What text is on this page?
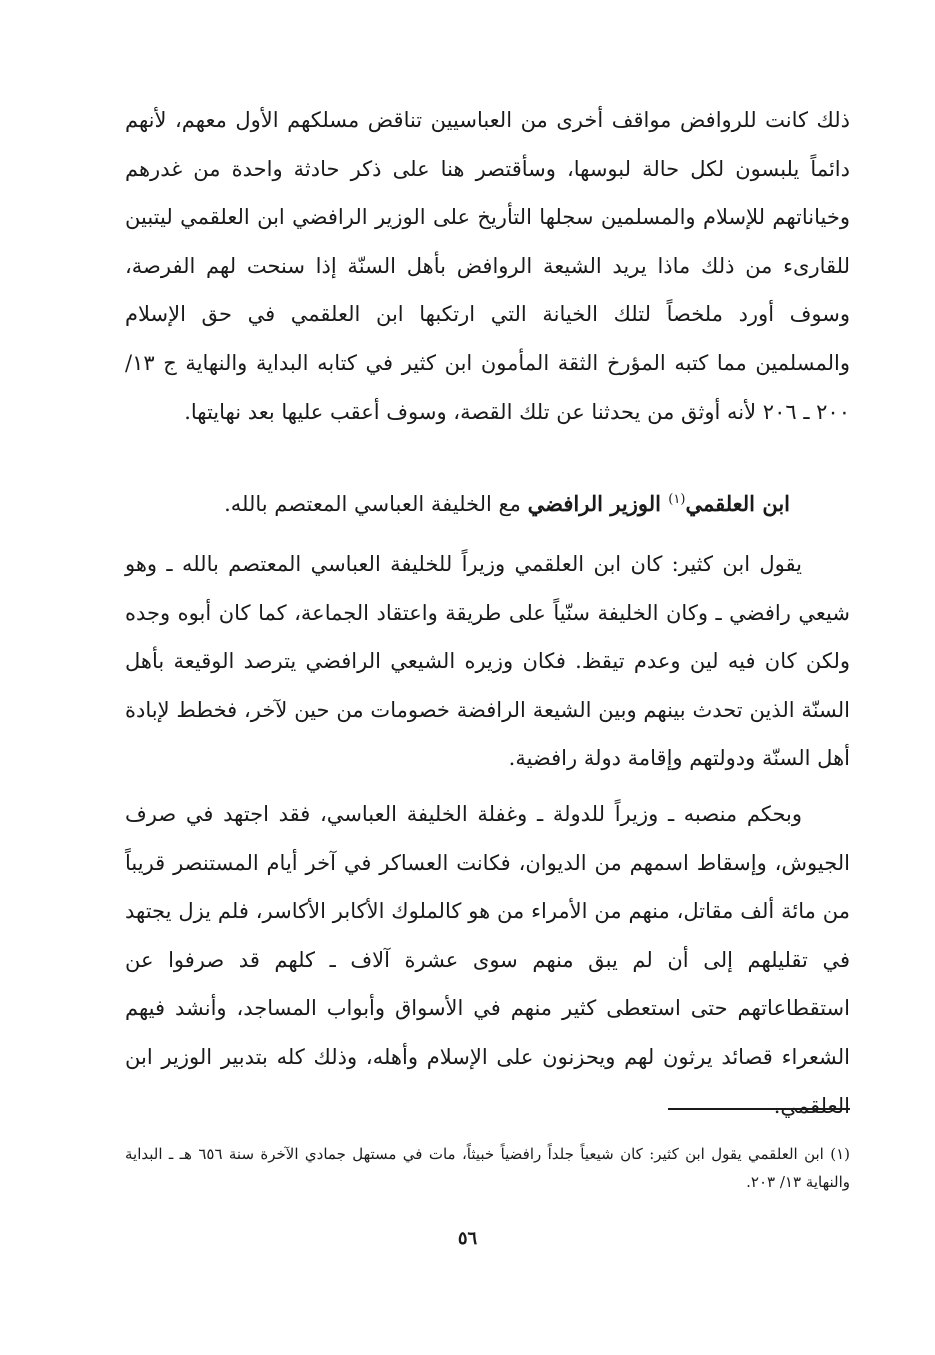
ذلك كانت للروافض مواقف أخرى من العباسيين تناقض مسلكهم الأول معهم، لأنهم دائماً يلبسون لكل حالة لبوسها، وسأقتصر هنا على ذكر حادثة واحدة من غدرهم وخياناتهم للإسلام والمسلمين سجلها التأريخ على الوزير الرافضي ابن العلقمي ليتبين للقارىء من ذلك ماذا يريد الشيعة الروافض بأهل السنّة إذا سنحت لهم الفرصة، وسوف أورد ملخصاً لتلك الخيانة التي ارتكبها ابن العلقمي في حق الإسلام والمسلمين مما كتبه المؤرخ الثقة المأمون ابن كثير في كتابه البداية والنهاية ج ١٣/ ٢٠٠ ـ ٢٠٦ لأنه أوثق من يحدثنا عن تلك القصة، وسوف أعقب عليها بعد نهايتها.

ابن العلقمي$^{(١)}$ الوزير الرافضي مع الخليفة العباسي المعتصم بالله.

يقول ابن كثير: كان ابن العلقمي وزيراً للخليفة العباسي المعتصم بالله ـ وهو شيعي رافضي ـ وكان الخليفة سنّياً على طريقة واعتقاد الجماعة، كما كان أبوه وجده ولكن كان فيه لين وعدم تيقظ. فكان وزيره الشيعي الرافضي يترصد الوقيعة بأهل السنّة الذين تحدث بينهم وبين الشيعة الرافضة خصومات من حين لآخر، فخطط لإبادة أهل السنّة ودولتهم وإقامة دولة رافضية.

وبحكم منصبه ـ وزيراً للدولة ـ وغفلة الخليفة العباسي، فقد اجتهد في صرف الجيوش، وإسقاط اسمهم من الديوان، فكانت العساكر في آخر أيام المستنصر قريباً من مائة ألف مقاتل، منهم من الأمراء من هو كالملوك الأكابر الأكاسر، فلم يزل يجتهد في تقليلهم إلى أن لم يبق منهم سوى عشرة آلاف ـ كلهم قد صرفوا عن استقطاعاتهم حتى استعطى كثير منهم في الأسواق وأبواب المساجد، وأنشد فيهم الشعراء قصائد يرثون لهم ويحزنون على الإسلام وأهله، وذلك كله بتدبير الوزير ابن العلقمي.

(١) ابن العلقمي يقول ابن كثير: كان شيعياً جلداً رافضياً خبيثاً، مات في مستهل جمادي الآخرة سنة ٦٥٦ هـ ـ البداية والنهاية ١٣/ ٢٠٣.

٥٦
